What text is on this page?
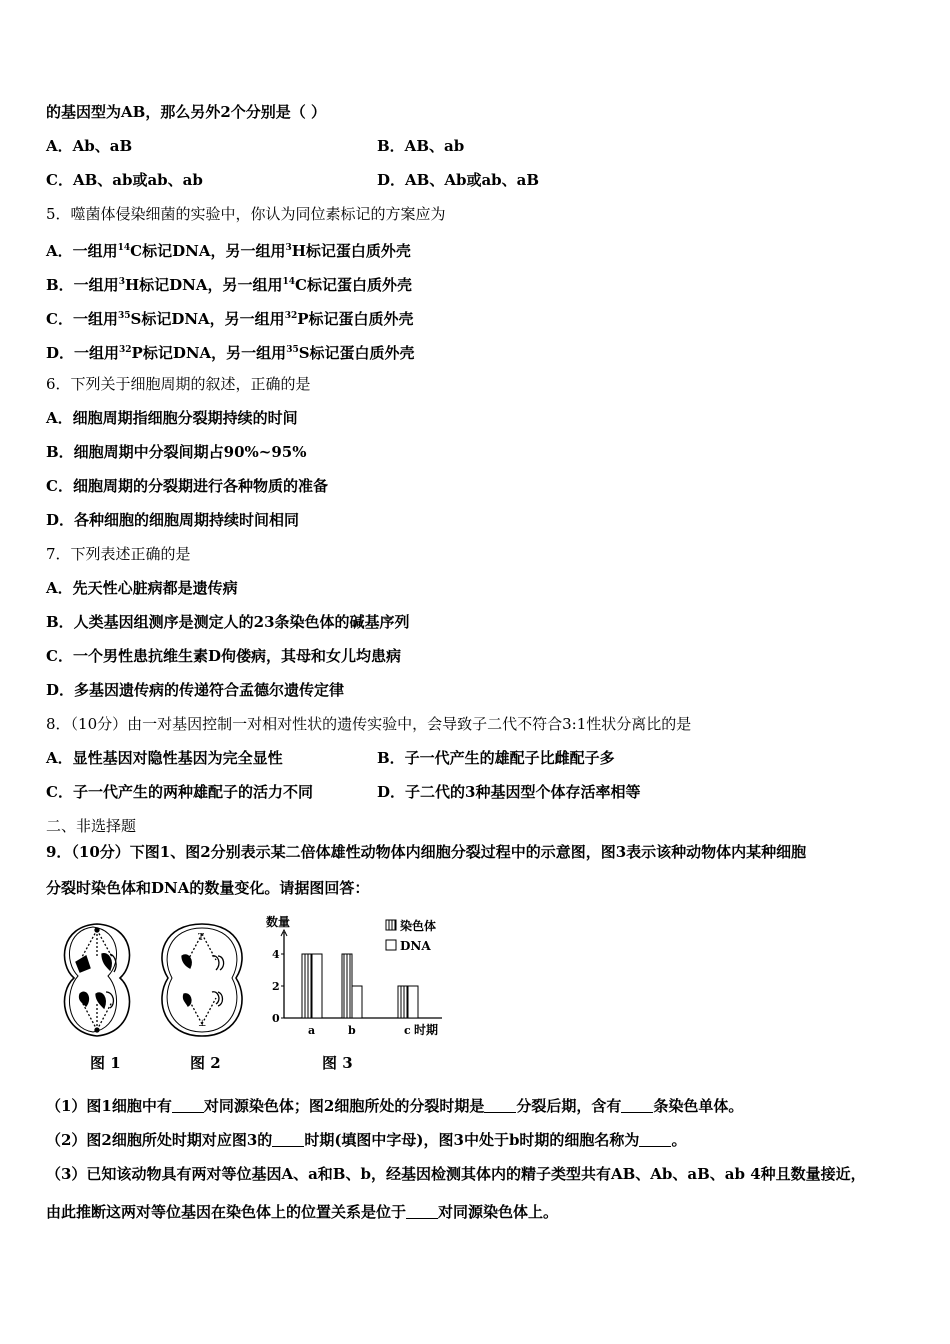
的基因型为AB，那么另外2个分别是（ ）
A．Ab、aB	B．AB、ab
C．AB、ab或ab、ab	D．AB、Ab或ab、aB
5．噬菌体侵染细菌的实验中，你认为同位素标记的方案应为
A．一组用$^{14}$C标记DNA，另一组用$^3$H标记蛋白质外壳
B．一组用$^3$H标记DNA，另一组用$^{14}$C标记蛋白质外壳
C．一组用$^{35}$S标记DNA，另一组用$^{32}$P标记蛋白质外壳
D．一组用$^{32}$P标记DNA，另一组用$^{35}$S标记蛋白质外壳
6．下列关于细胞周期的叙述，正确的是
A．细胞周期指细胞分裂期持续的时间
B．细胞周期中分裂间期占90%~95%
C．细胞周期的分裂期进行各种物质的准备
D．各种细胞的细胞周期持续时间相同
7．下列表述正确的是
A．先天性心脏病都是遗传病
B．人类基因组测序是测定人的23条染色体的碱基序列
C．一个男性患抗维生素D佝偻病，其母和女儿均患病
D．多基因遗传病的传递符合孟德尔遗传定律
8．（10分）由一对基因控制一对相对性状的遗传实验中，会导致子二代不符合3:1性状分离比的是
A．显性基因对隐性基因为完全显性	B．子一代产生的雄配子比雌配子多
C．子一代产生的两种雄配子的活力不同	D．子二代的3种基因型个体存活率相等
二、非选择题
9．（10分）下图1、图2分别表示某二倍体雄性动物体内细胞分裂过程中的示意图，图3表示该种动物体内某种细胞
分裂时染色体和DNA的数量变化。请据图回答：
T
⊥
数量
时期
0
2
4
a	b	c
染色体
DNA
图 1	图 2	图 3
（1）图1细胞中有 对同源染色体；图2细胞所处的分裂时期是 分裂后期，含有 条染色单体。
（2）图2细胞所处时期对应图3的 时期(填图中字母)，图3中处于b时期的细胞名称为 。
（3）已知该动物具有两对等位基因A、a和B、b，经基因检测其体内的精子类型共有AB、Ab、aB、ab 4种且数量接近，
由此推断这两对等位基因在染色体上的位置关系是位于 对同源染色体上。
